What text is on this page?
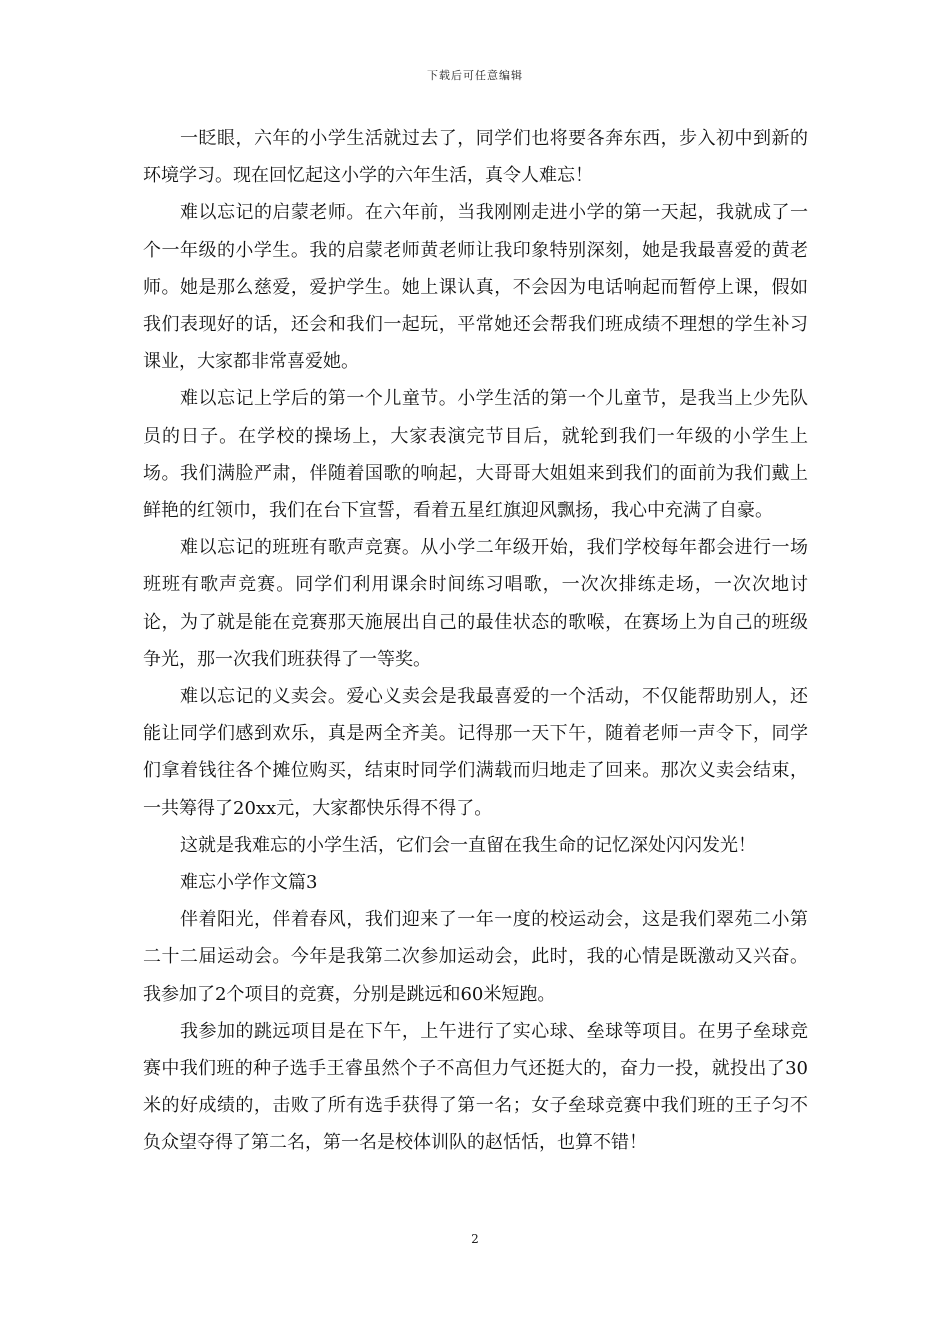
下载后可任意编辑

一眨眼，六年的小学生活就过去了，同学们也将要各奔东西，步入初中到新的环境学习。现在回忆起这小学的六年生活，真令人难忘！

难以忘记的启蒙老师。在六年前，当我刚刚走进小学的第一天起，我就成了一个一年级的小学生。我的启蒙老师黄老师让我印象特别深刻，她是我最喜爱的黄老师。她是那么慈爱，爱护学生。她上课认真，不会因为电话响起而暂停上课，假如我们表现好的话，还会和我们一起玩，平常她还会帮我们班成绩不理想的学生补习课业，大家都非常喜爱她。

难以忘记上学后的第一个儿童节。小学生活的第一个儿童节，是我当上少先队员的日子。在学校的操场上，大家表演完节目后，就轮到我们一年级的小学生上场。我们满脸严肃，伴随着国歌的响起，大哥哥大姐姐来到我们的面前为我们戴上鲜艳的红领巾，我们在台下宣誓，看着五星红旗迎风飘扬，我心中充满了自豪。

难以忘记的班班有歌声竞赛。从小学二年级开始，我们学校每年都会进行一场班班有歌声竞赛。同学们利用课余时间练习唱歌，一次次排练走场，一次次地讨论，为了就是能在竞赛那天施展出自己的最佳状态的歌喉，在赛场上为自己的班级争光，那一次我们班获得了一等奖。

难以忘记的义卖会。爱心义卖会是我最喜爱的一个活动，不仅能帮助别人，还能让同学们感到欢乐，真是两全齐美。记得那一天下午，随着老师一声令下，同学们拿着钱往各个摊位购买，结束时同学们满载而归地走了回来。那次义卖会结束，一共筹得了20xx元，大家都快乐得不得了。

这就是我难忘的小学生活，它们会一直留在我生命的记忆深处闪闪发光！

难忘小学作文篇3

伴着阳光，伴着春风，我们迎来了一年一度的校运动会，这是我们翠苑二小第二十二届运动会。今年是我第二次参加运动会，此时，我的心情是既激动又兴奋。我参加了2个项目的竞赛，分别是跳远和60米短跑。

我参加的跳远项目是在下午，上午进行了实心球、垒球等项目。在男子垒球竞赛中我们班的种子选手王睿虽然个子不高但力气还挺大的，奋力一投，就投出了30米的好成绩的，击败了所有选手获得了第一名；女子垒球竞赛中我们班的王子匀不负众望夺得了第二名，第一名是校体训队的赵恬恬，也算不错！

2
